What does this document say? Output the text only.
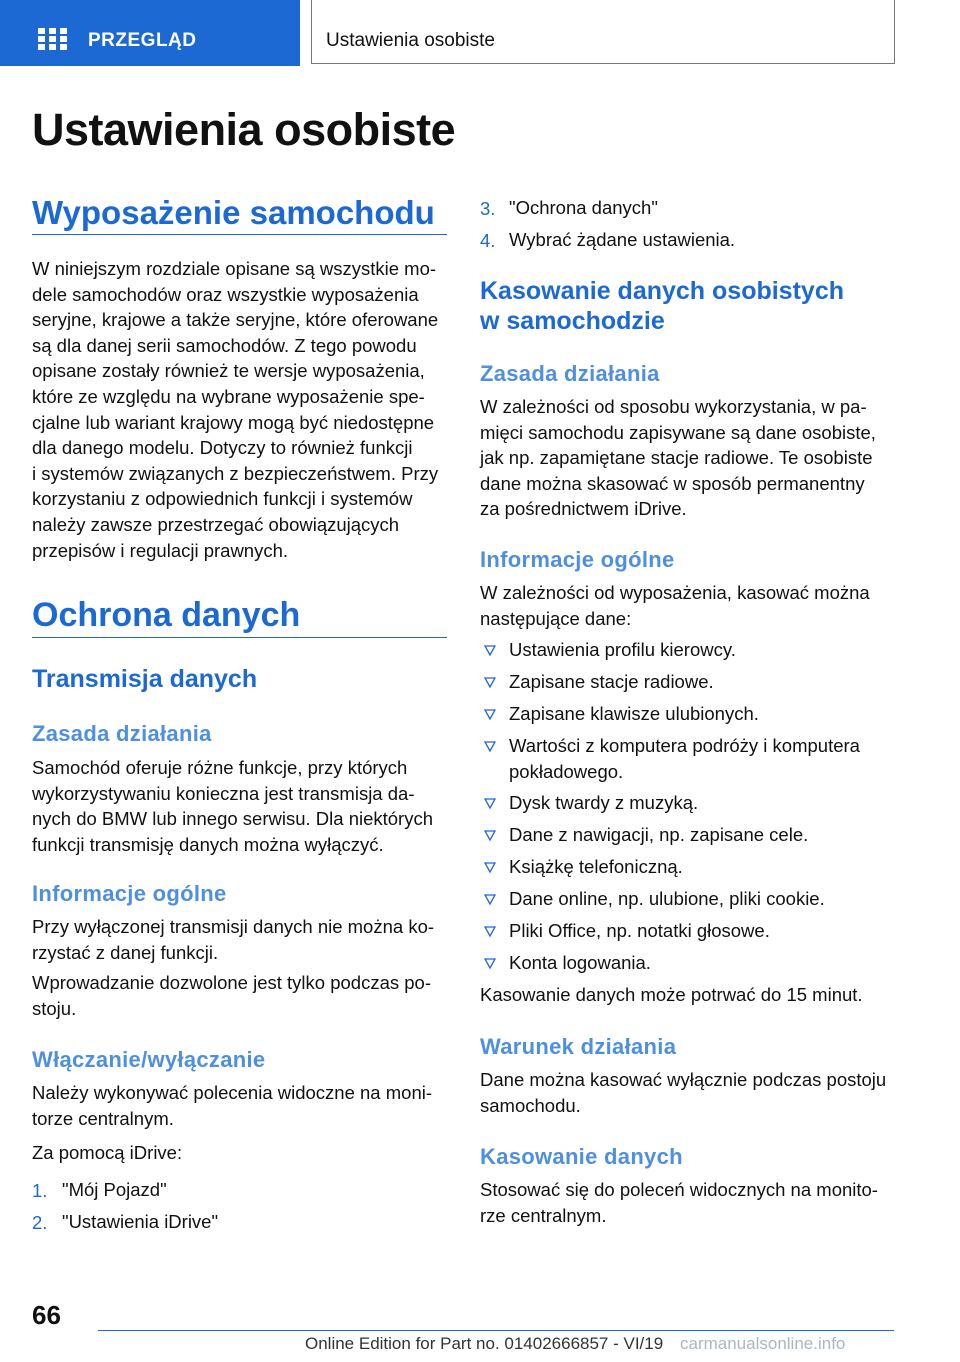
PRZEGLĄD	Ustawienia osobiste
Ustawienia osobiste
Wyposażenie samochodu
W niniejszym rozdziale opisane są wszystkie mo‐
dele samochodów oraz wszystkie wyposażenia
seryjne, krajowe a także seryjne, które oferowane
są dla danej serii samochodów. Z tego powodu
opisane zostały również te wersje wyposażenia,
które ze względu na wybrane wyposażenie spe‐
cjalne lub wariant krajowy mogą być niedostępne
dla danego modelu. Dotyczy to również funkcji
i systemów związanych z bezpieczeństwem. Przy
korzystaniu z odpowiednich funkcji i systemów
należy zawsze przestrzegać obowiązujących
przepisów i regulacji prawnych.
Ochrona danych
Transmisja danych
Zasada działania
Samochód oferuje różne funkcje, przy których
wykorzystywaniu konieczna jest transmisja da‐
nych do BMW lub innego serwisu. Dla niektórych
funkcji transmisję danych można wyłączyć.
Informacje ogólne
Przy wyłączonej transmisji danych nie można ko‐
rzystać z danej funkcji.
Wprowadzanie dozwolone jest tylko podczas po‐
stoju.
Włączanie/wyłączanie
Należy wykonywać polecenia widoczne na moni‐
torze centralnym.
Za pomocą iDrive:
1. "Mój Pojazd"
2. "Ustawienia iDrive"
3. "Ochrona danych"
4. Wybrać żądane ustawienia.
Kasowanie danych osobistych
w samochodzie
Zasada działania
W zależności od sposobu wykorzystania, w pa‐
mięci samochodu zapisywane są dane osobiste,
jak np. zapamiętane stacje radiowe. Te osobiste
dane można skasować w sposób permanentny
za pośrednictwem iDrive.
Informacje ogólne
W zależności od wyposażenia, kasować można
następujące dane:
Ustawienia profilu kierowcy.
Zapisane stacje radiowe.
Zapisane klawisze ulubionych.
Wartości z komputera podróży i komputera
pokładowego.
Dysk twardy z muzyką.
Dane z nawigacji, np. zapisane cele.
Książkę telefoniczną.
Dane online, np. ulubione, pliki cookie.
Pliki Office, np. notatki głosowe.
Konta logowania.
Kasowanie danych może potrwać do 15 minut.
Warunek działania
Dane można kasować wyłącznie podczas postoju
samochodu.
Kasowanie danych
Stosować się do poleceń widocznych na monito‐
rze centralnym.
66
Online Edition for Part no. 01402666857 - VI/19 carmanualsonline.info
